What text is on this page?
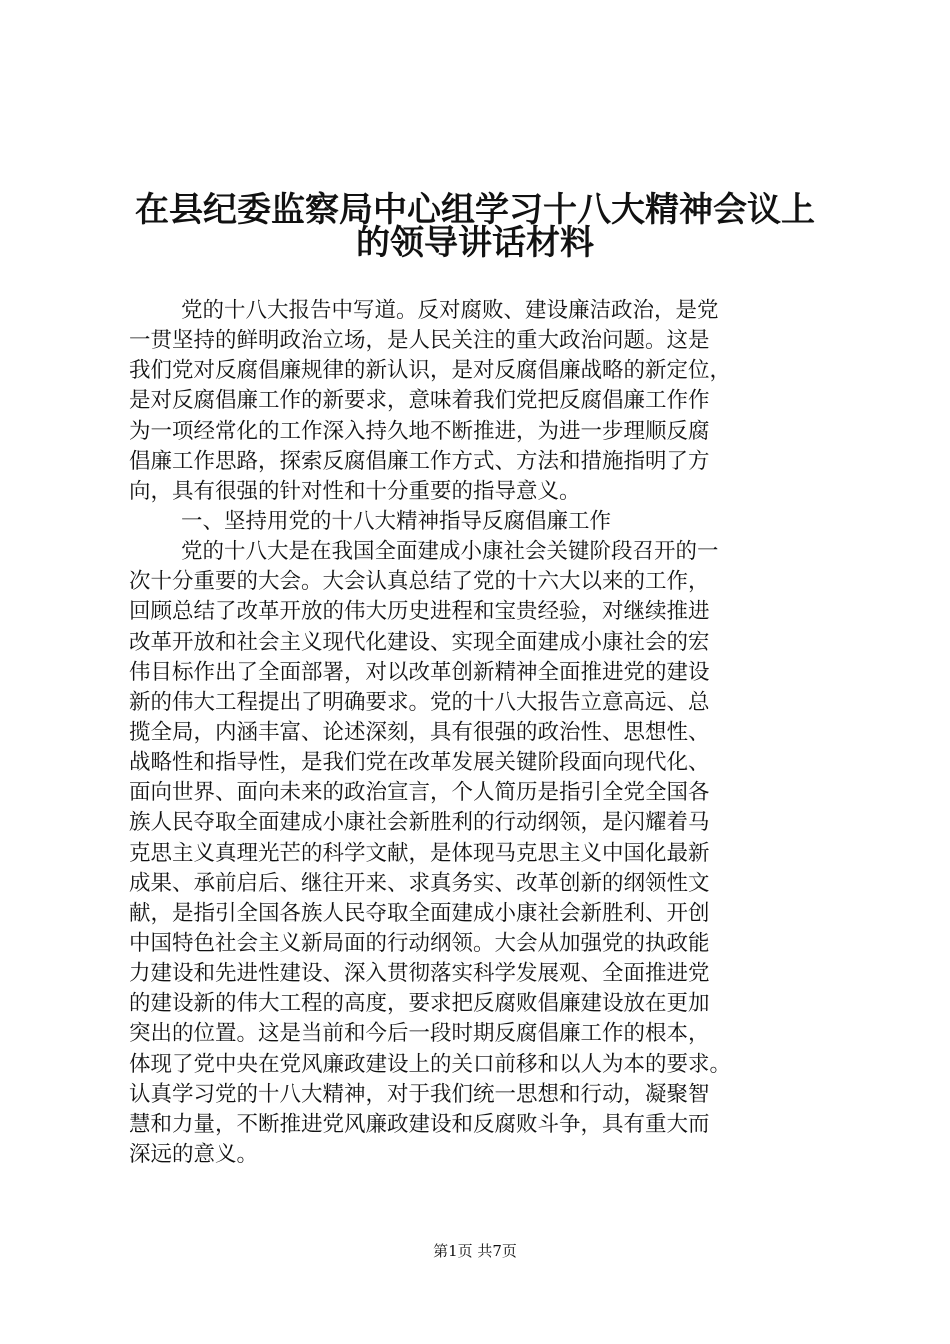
在县纪委监察局中心组学习十八大精神会议上
的领导讲话材料
党的十八大报告中写道。反对腐败、建设廉洁政治，是党
一贯坚持的鲜明政治立场，是人民关注的重大政治问题。这是
我们党对反腐倡廉规律的新认识，是对反腐倡廉战略的新定位，
是对反腐倡廉工作的新要求，意味着我们党把反腐倡廉工作作
为一项经常化的工作深入持久地不断推进，为进一步理顺反腐
倡廉工作思路，探索反腐倡廉工作方式、方法和措施指明了方
向，具有很强的针对性和十分重要的指导意义。
一、坚持用党的十八大精神指导反腐倡廉工作
党的十八大是在我国全面建成小康社会关键阶段召开的一
次十分重要的大会。大会认真总结了党的十六大以来的工作，
回顾总结了改革开放的伟大历史进程和宝贵经验，对继续推进
改革开放和社会主义现代化建设、实现全面建成小康社会的宏
伟目标作出了全面部署，对以改革创新精神全面推进党的建设
新的伟大工程提出了明确要求。党的十八大报告立意高远、总
揽全局，内涵丰富、论述深刻，具有很强的政治性、思想性、
战略性和指导性，是我们党在改革发展关键阶段面向现代化、
面向世界、面向未来的政治宣言，个人简历是指引全党全国各
族人民夺取全面建成小康社会新胜利的行动纲领，是闪耀着马
克思主义真理光芒的科学文献，是体现马克思主义中国化最新
成果、承前启后、继往开来、求真务实、改革创新的纲领性文
献，是指引全国各族人民夺取全面建成小康社会新胜利、开创
中国特色社会主义新局面的行动纲领。大会从加强党的执政能
力建设和先进性建设、深入贯彻落实科学发展观、全面推进党
的建设新的伟大工程的高度，要求把反腐败倡廉建设放在更加
突出的位置。这是当前和今后一段时期反腐倡廉工作的根本，
体现了党中央在党风廉政建设上的关口前移和以人为本的要求。
认真学习党的十八大精神，对于我们统一思想和行动，凝聚智
慧和力量，不断推进党风廉政建设和反腐败斗争，具有重大而
深远的意义。
第1页 共7页
